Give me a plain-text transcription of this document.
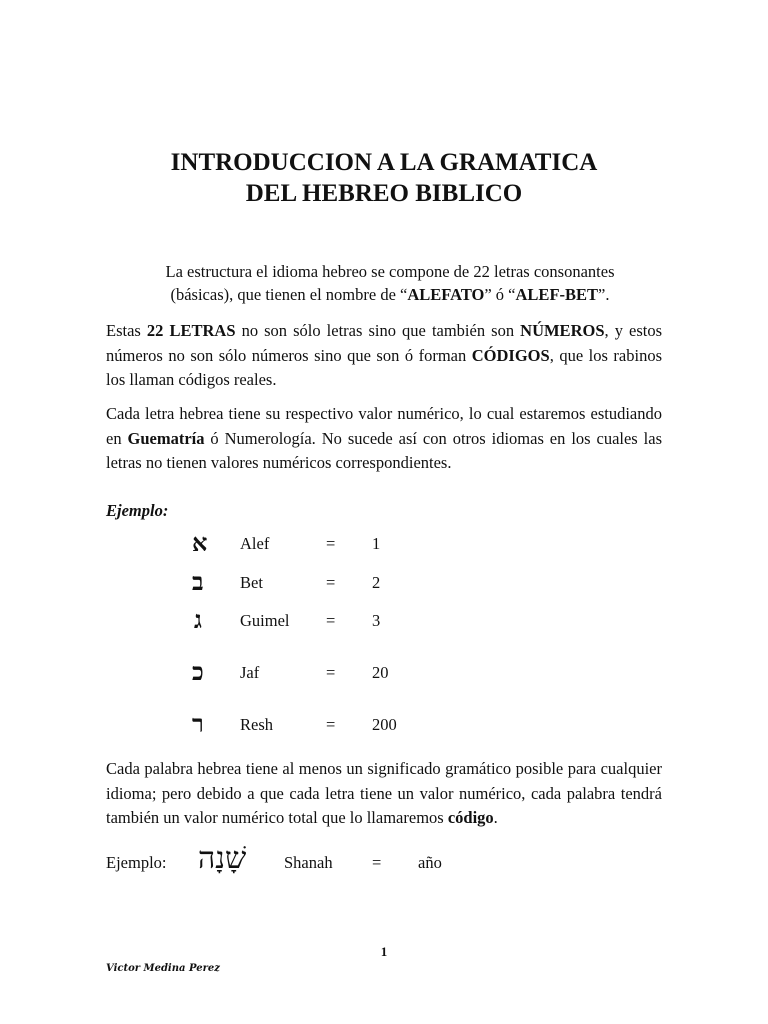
INTRODUCCION A LA GRAMATICA
DEL HEBREO BIBLICO
La estructura el idioma hebreo se compone de 22 letras consonantes (básicas), que tienen el nombre de “ALEFATO” ó “ALEF-BET”.
Estas 22 LETRAS no son sólo letras sino que también son NÚMEROS, y estos números no son sólo números sino que son ó forman CÓDIGOS, que los rabinos los llaman códigos reales.
Cada letra hebrea tiene su respectivo valor numérico, lo cual estaremos estudiando en Guematría ó Numerología. No sucede así con otros idiomas en los cuales las letras no tienen valores numéricos correspondientes.
Ejemplo:
א Alef	= 1
ב Bet	= 2
ג Guimel = 3
כ Jaf	= 20
ר Resh	= 200
Cada palabra hebrea tiene al menos un significado gramático posible para cualquier idioma; pero debido a que cada letra tiene un valor numérico, cada palabra tendrá también un valor numérico total que lo llamaremos código.
Ejemplo: שָׁנָה Shanah = año
1
Victor Medina Perez
